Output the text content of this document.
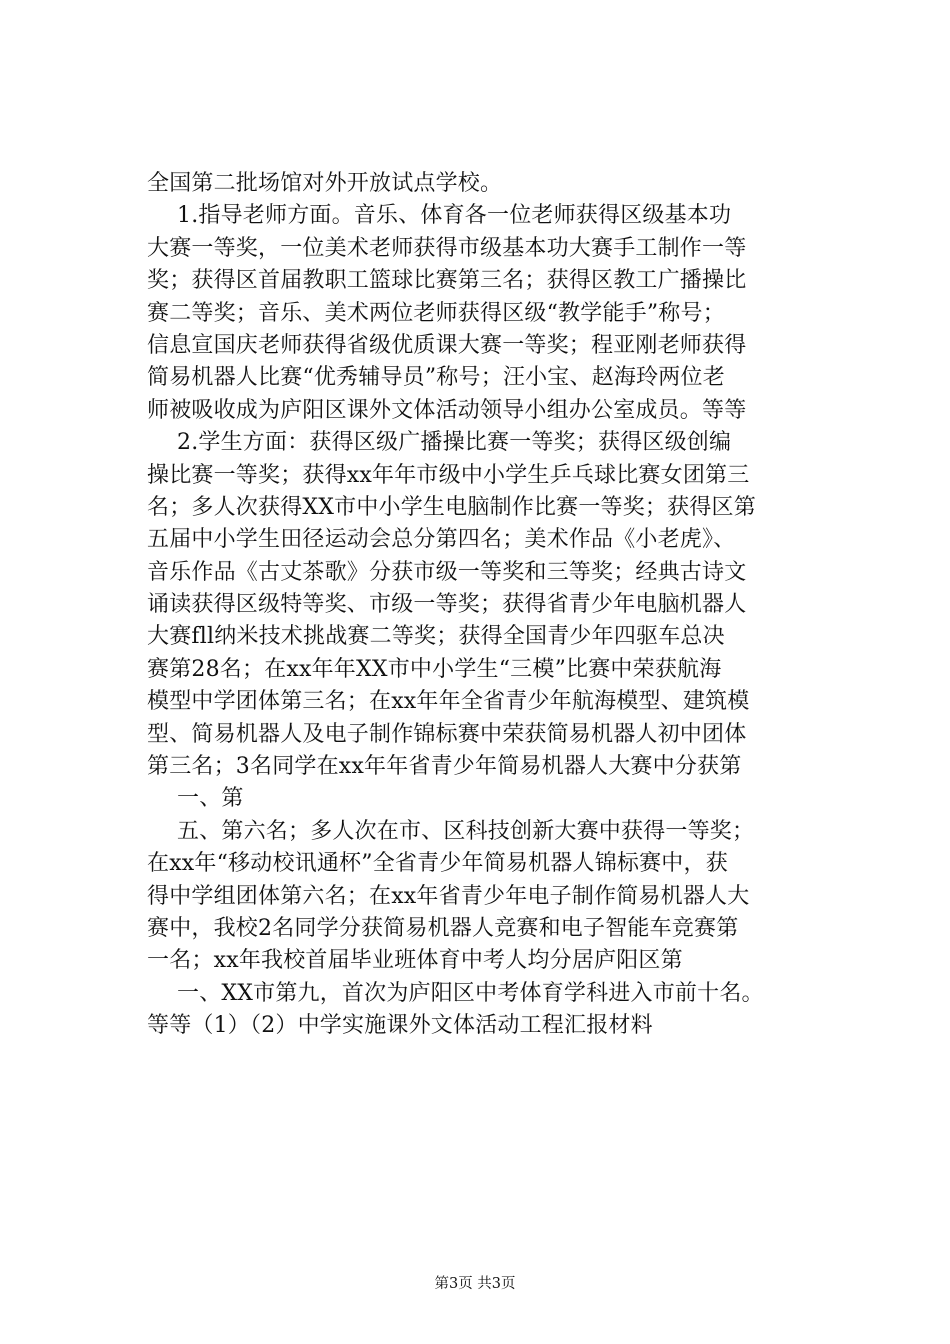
全国第二批场馆对外开放试点学校。
1.指导老师方面。音乐、体育各一位老师获得区级基本功
大赛一等奖，一位美术老师获得市级基本功大赛手工制作一等
奖；获得区首届教职工篮球比赛第三名；获得区教工广播操比
赛二等奖；音乐、美术两位老师获得区级“教学能手”称号；
信息宣国庆老师获得省级优质课大赛一等奖；程亚刚老师获得
简易机器人比赛“优秀辅导员”称号；汪小宝、赵海玲两位老
师被吸收成为庐阳区课外文体活动领导小组办公室成员。等等
2.学生方面：获得区级广播操比赛一等奖；获得区级创编
操比赛一等奖；获得xx年年市级中小学生乒乓球比赛女团第三
名；多人次获得XX市中小学生电脑制作比赛一等奖；获得区第
五届中小学生田径运动会总分第四名；美术作品《小老虎》、
音乐作品《古丈茶歌》分获市级一等奖和三等奖；经典古诗文
诵读获得区级特等奖、市级一等奖；获得省青少年电脑机器人
大赛fll纳米技术挑战赛二等奖；获得全国青少年四驱车总决
赛第28名；在xx年年XX市中小学生“三模”比赛中荣获航海
模型中学团体第三名；在xx年年全省青少年航海模型、建筑模
型、简易机器人及电子制作锦标赛中荣获简易机器人初中团体
第三名；3名同学在xx年年省青少年简易机器人大赛中分获第
一、第
五、第六名；多人次在市、区科技创新大赛中获得一等奖；
在xx年“移动校讯通杯”全省青少年简易机器人锦标赛中，获
得中学组团体第六名；在xx年省青少年电子制作简易机器人大
赛中，我校2名同学分获简易机器人竞赛和电子智能车竞赛第
一名；xx年我校首届毕业班体育中考人均分居庐阳区第
一、XX市第九，首次为庐阳区中考体育学科进入市前十名。
等等（1）（2）中学实施课外文体活动工程汇报材料
第3页 共3页
